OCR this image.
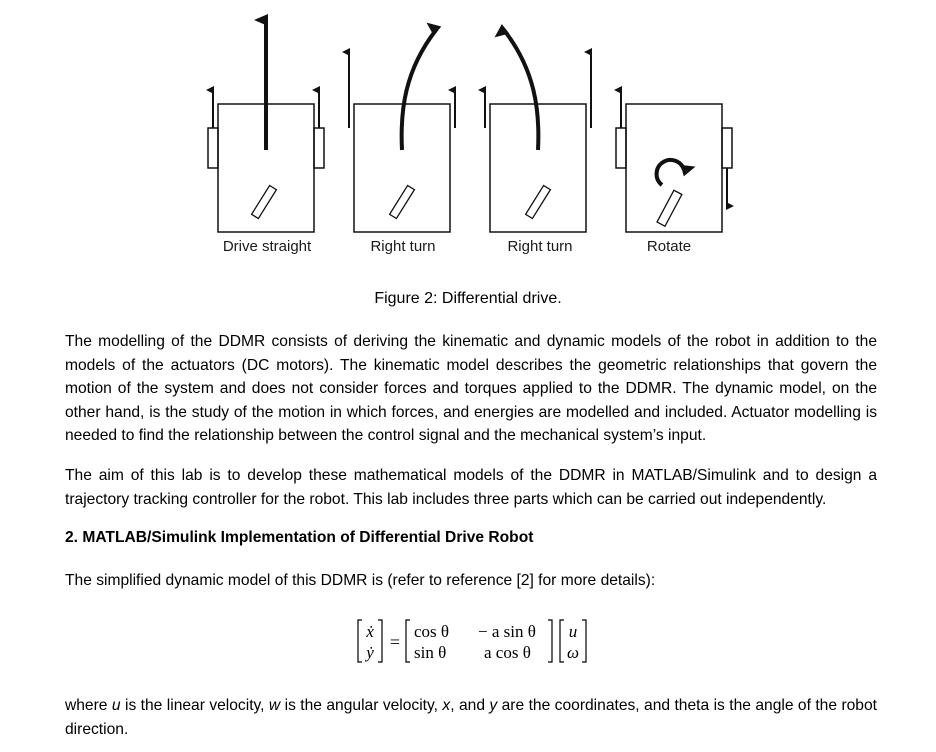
Drive straight	Right turn	Right turn	Rotate
Figure 2: Differential drive.

The modelling of the DDMR consists of deriving the kinematic and dynamic models of the robot in addition to the models of the actuators (DC motors). The kinematic model describes the geometric relationships that govern the motion of the system and does not consider forces and torques applied to the DDMR. The dynamic model, on the other hand, is the study of the motion in which forces, and energies are modelled and included. Actuator modelling is needed to find the relationship between the control signal and the mechanical system’s input.

The aim of this lab is to develop these mathematical models of the DDMR in MATLAB/Simulink and to design a trajectory tracking controller for the robot. This lab includes three parts which can be carried out independently.

2. MATLAB/Simulink Implementation of Differential Drive Robot

The simplified dynamic model of this DDMR is (refer to reference [2] for more details):

ẋ
ẏ
=
cos θ − a sin θ
sin θ a cos θ
u
ω

where u is the linear velocity, w is the angular velocity, x, and y are the coordinates, and theta is the angle of the robot direction.
